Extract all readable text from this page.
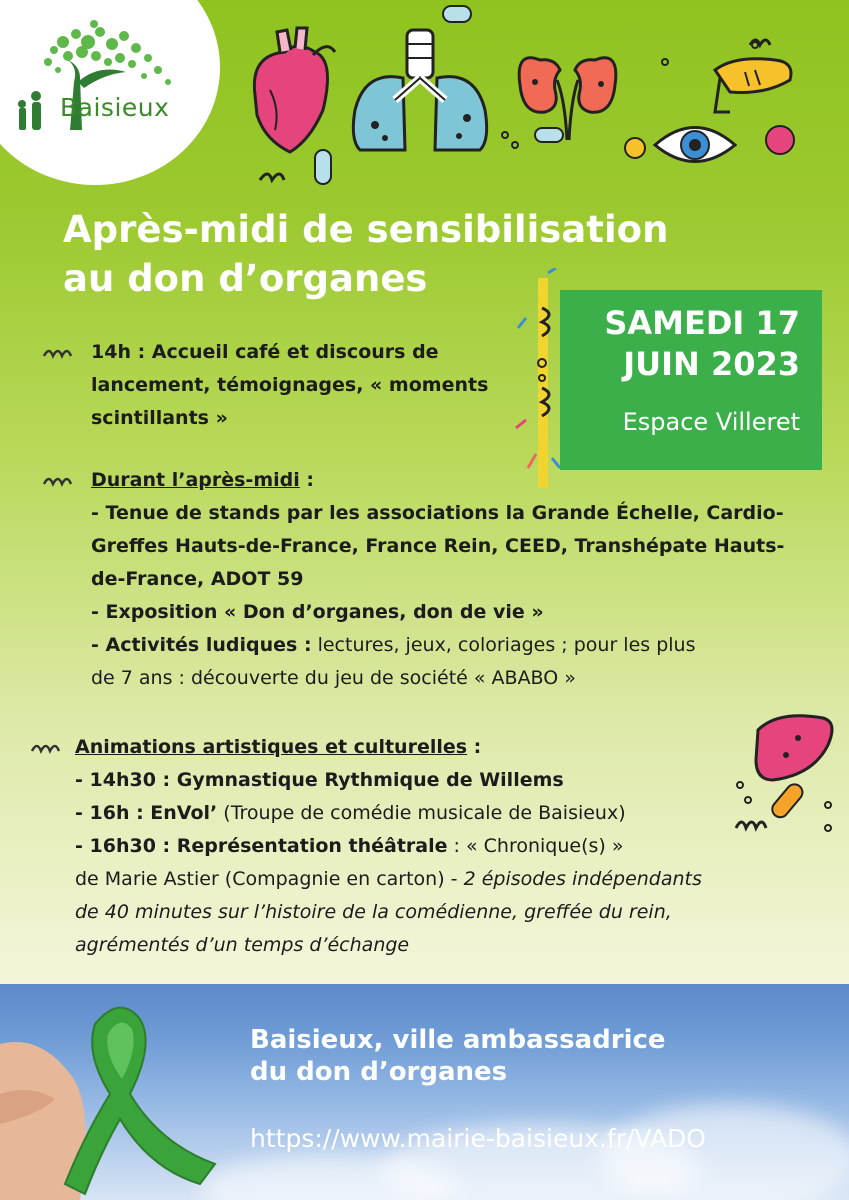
Baisieux
Après-midi de sensibilisation
au don d’organes
SAMEDI 17
JUIN 2023
Espace Villeret
14h : Accueil café et discours de
lancement, témoignages, « moments
scintillants »
Durant l’après-midi :
- Tenue de stands par les associations la Grande Échelle, Cardio-
Greffes Hauts-de-France, France Rein, CEED, Transhépate Hauts-
de-France, ADOT 59
- Exposition « Don d’organes, don de vie »
- Activités ludiques : lectures, jeux, coloriages ; pour les plus
de 7 ans : découverte du jeu de société « ABABO »
Animations artistiques et culturelles :
- 14h30 : Gymnastique Rythmique de Willems
- 16h : EnVol’ (Troupe de comédie musicale de Baisieux)
- 16h30 : Représentation théâtrale : « Chronique(s) »
de Marie Astier (Compagnie en carton) - 2 épisodes indépendants
de 40 minutes sur l’histoire de la comédienne, greffée du rein,
agrémentés d’un temps d’échange
Baisieux, ville ambassadrice
du don d’organes
https://www.mairie-baisieux.fr/VADO
